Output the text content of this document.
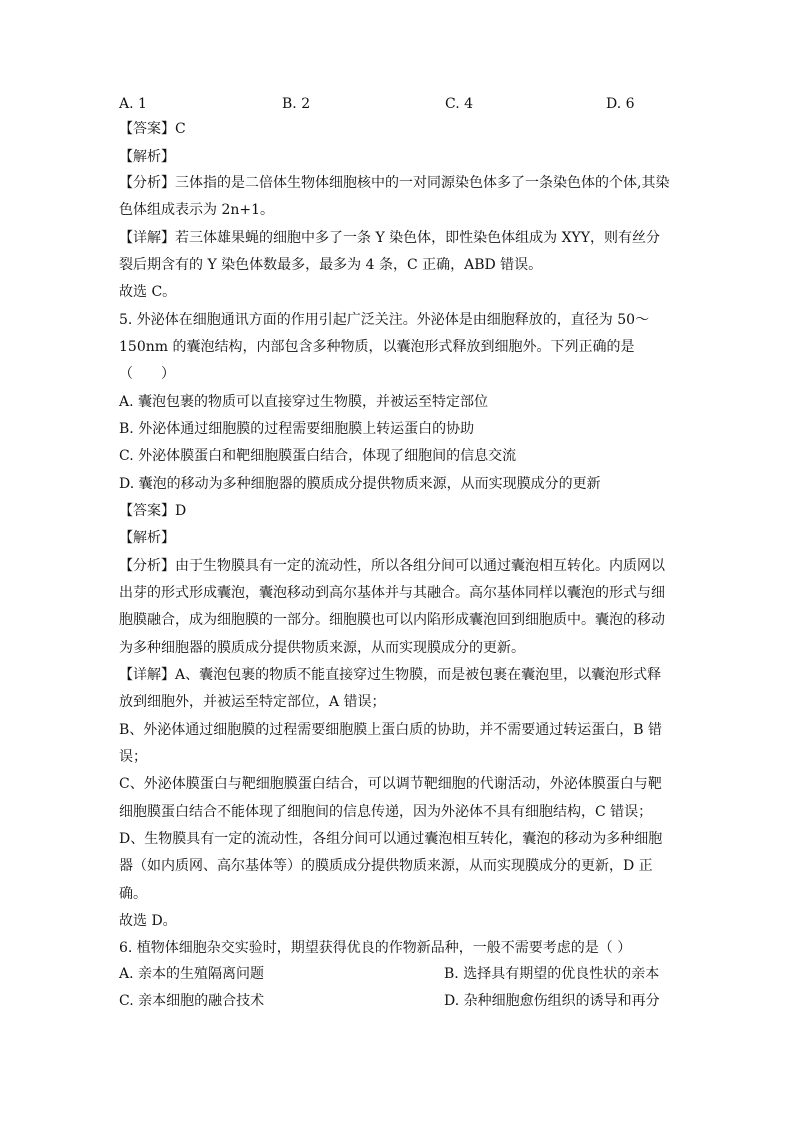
A. 1	B. 2	C. 4	D. 6
【答案】C
【解析】
【分析】三体指的是二倍体生物体细胞核中的一对同源染色体多了一条染色体的个体,其染
色体组成表示为 2n+1。
【详解】若三体雄果蝇的细胞中多了一条 Y 染色体，即性染色体组成为 XYY，则有丝分
裂后期含有的 Y 染色体数最多，最多为 4 条，C 正确，ABD 错误。
故选 C。
5. 外泌体在细胞通讯方面的作用引起广泛关注。外泌体是由细胞释放的，直径为 50～
150nm 的囊泡结构，内部包含多种物质，以囊泡形式释放到细胞外。下列正确的是
（　　）
A. 囊泡包裹的物质可以直接穿过生物膜，并被运至特定部位
B. 外泌体通过细胞膜的过程需要细胞膜上转运蛋白的协助
C. 外泌体膜蛋白和靶细胞膜蛋白结合，体现了细胞间的信息交流
D. 囊泡的移动为多种细胞器的膜质成分提供物质来源，从而实现膜成分的更新
【答案】D
【解析】
【分析】由于生物膜具有一定的流动性，所以各组分间可以通过囊泡相互转化。内质网以
出芽的形式形成囊泡，囊泡移动到高尔基体并与其融合。高尔基体同样以囊泡的形式与细
胞膜融合，成为细胞膜的一部分。细胞膜也可以内陷形成囊泡回到细胞质中。囊泡的移动
为多种细胞器的膜质成分提供物质来源，从而实现膜成分的更新。
【详解】A、囊泡包裹的物质不能直接穿过生物膜，而是被包裹在囊泡里，以囊泡形式释
放到细胞外，并被运至特定部位，A 错误；
B、外泌体通过细胞膜的过程需要细胞膜上蛋白质的协助，并不需要通过转运蛋白，B 错
误；
C、外泌体膜蛋白与靶细胞膜蛋白结合，可以调节靶细胞的代谢活动，外泌体膜蛋白与靶
细胞膜蛋白结合不能体现了细胞间的信息传递，因为外泌体不具有细胞结构，C 错误；
D、生物膜具有一定的流动性，各组分间可以通过囊泡相互转化，囊泡的移动为多种细胞
器（如内质网、高尔基体等）的膜质成分提供物质来源，从而实现膜成分的更新，D 正
确。
故选 D。
6. 植物体细胞杂交实验时，期望获得优良的作物新品种，一般不需要考虑的是（ ）
A. 亲本的生殖隔离问题	B. 选择具有期望的优良性状的亲本
C. 亲本细胞的融合技术	D. 杂种细胞愈伤组织的诱导和再分
